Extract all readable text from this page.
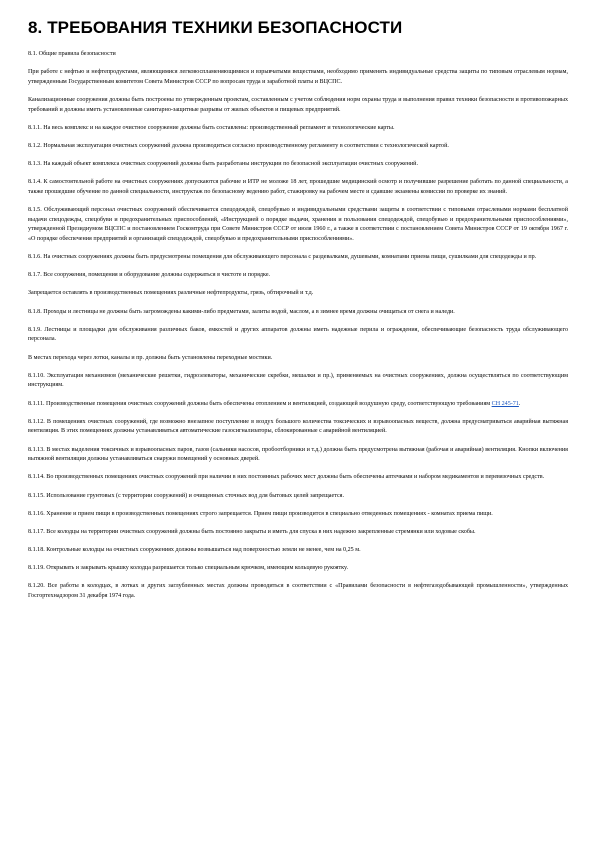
8. ТРЕБОВАНИЯ ТЕХНИКИ БЕЗОПАСНОСТИ

8.1. Общие правила безопасности

При работе с нефтью и нефтепродуктами, являющимися легковоспламеняющимися и взрывчатыми веществами, необходимо применять индивидуальные средства защиты по типовым отраслевым нормам, утвержденным Государственным комитетом Совета Министров СССР по вопросам труда и заработной платы и ВЦСПС.

Канализационные сооружения должны быть построены по утвержденным проектам, составленным с учетом соблюдения норм охраны труда и выполнения правил техники безопасности и противопожарных требований и должны иметь установленные санитарно-защитные разрывы от жилых объектов и пищевых предприятий.

8.1.1. На весь комплекс и на каждое очистное сооружение должны быть составлены: производственный регламент и технологические карты.

8.1.2. Нормальная эксплуатация очистных сооружений должна производиться согласно производственному регламенту в соответствии с технологической картой.

8.1.3. На каждый объект комплекса очистных сооружений должны быть разработаны инструкции по безопасной эксплуатации очистных сооружений.

8.1.4. К самостоятельной работе на очистных сооружениях допускаются рабочие и ИТР не моложе 18 лет, прошедшие медицинский осмотр и получившие разрешение работать по данной специальности, а также прошедшие обучение по данной специальности, инструктаж по безопасному ведению работ, стажировку на рабочем месте и сдавшие экзамены комиссии по проверке их знаний.

8.1.5. Обслуживающий персонал очистных сооружений обеспечивается спецодеждой, спецобувью и индивидуальными средствами защиты в соответствии с типовыми отраслевыми нормами бесплатной выдачи спецодежды, спецобуви и предохранительных приспособлений, «Инструкцией о порядке выдачи, хранения и пользования спецодеждой, спецобувью и предохранительными приспособлениями», утвержденной Президиумом ВЦСПС и постановлением Госкомтруда при Совете Министров СССР от июля 1960 г., а также в соответствии с постановлением Совета Министров СССР от 19 октября 1967 г. «О порядке обеспечения предприятий и организаций спецодеждой, спецобувью и предохранительными приспособлениями».

8.1.6. На очистных сооружениях должны быть предусмотрены помещения для обслуживающего персонала с раздевалками, душевыми, комнатами приема пищи, сушилками для спецодежды и пр.

8.1.7. Все сооружения, помещения и оборудование должны содержаться в чистоте и порядке.

Запрещается оставлять в производственных помещениях различные нефтепродукты, грязь, обтирочный и т.д.

8.1.8. Проходы и лестницы не должны быть загромождены какими-либо предметами, залиты водой, маслом, а в зимнее время должны очищаться от снега и наледи.

8.1.9. Лестницы и площадки для обслуживания различных баков, емкостей и других аппаратов должны иметь надежные перила и ограждения, обеспечивающие безопасность труда обслуживающего персонала.

В местах перехода через лотки, каналы и пр. должны быть установлены переходные мостики.

8.1.10. Эксплуатация механизмов (механические решетки, гидроэлеваторы, механические скребки, мешалки и пр.), применяемых на очистных сооружениях, должна осуществляться по соответствующим инструкциям.

8.1.11. Производственные помещения очистных сооружений должны быть обеспечены отоплением и вентиляцией, создающей воздушную среду, соответствующую требованиям СН 245-71.

8.1.12. В помещениях очистных сооружений, где возможно внезапное поступление в воздух большого количества токсических и взрывоопасных веществ, должна предусматриваться аварийная вытяжная вентиляция. В этих помещениях должны устанавливаться автоматические газосигнализаторы, сблокированные с аварийной вентиляцией.

8.1.13. В местах выделения токсичных и взрывоопасных паров, газов (сальники насосов, пробоотборники и т.д.) должна быть предусмотрена вытяжная (рабочая и аварийная) вентиляция. Кнопки включения вытяжной вентиляции должны устанавливаться снаружи помещений у основных дверей.

8.1.14. Во производственных помещениях очистных сооружений при наличии в них постоянных рабочих мест должны быть обеспечены аптечками и набором медикаментов и перевязочных средств.

8.1.15. Использование грунтовых (с территории сооружений) и очищенных сточных вод для бытовых целей запрещается.

8.1.16. Хранение и прием пищи в производственных помещениях строго запрещается. Прием пищи производится в специально отведенных помещениях - комнатах приема пищи.

8.1.17. Все колодцы на территории очистных сооружений должны быть постоянно закрыты и иметь для спуска в них надежно закрепленные стремянки или ходовые скобы.

8.1.18. Контрольные колодцы на очистных сооружениях должны возвышаться над поверхностью земли не менее, чем на 0,25 м.

8.1.19. Открывать и закрывать крышку колодца разрешается только специальным крючком, имеющим кольцевую рукоятку.

8.1.20. Все работы в колодцах, в лотках и других заглубленных местах должны проводиться в соответствии с «Правилами безопасности в нефтегазодобывающей промышленности», утвержденных Госгортехнадзором 31 декабря 1974 года.
